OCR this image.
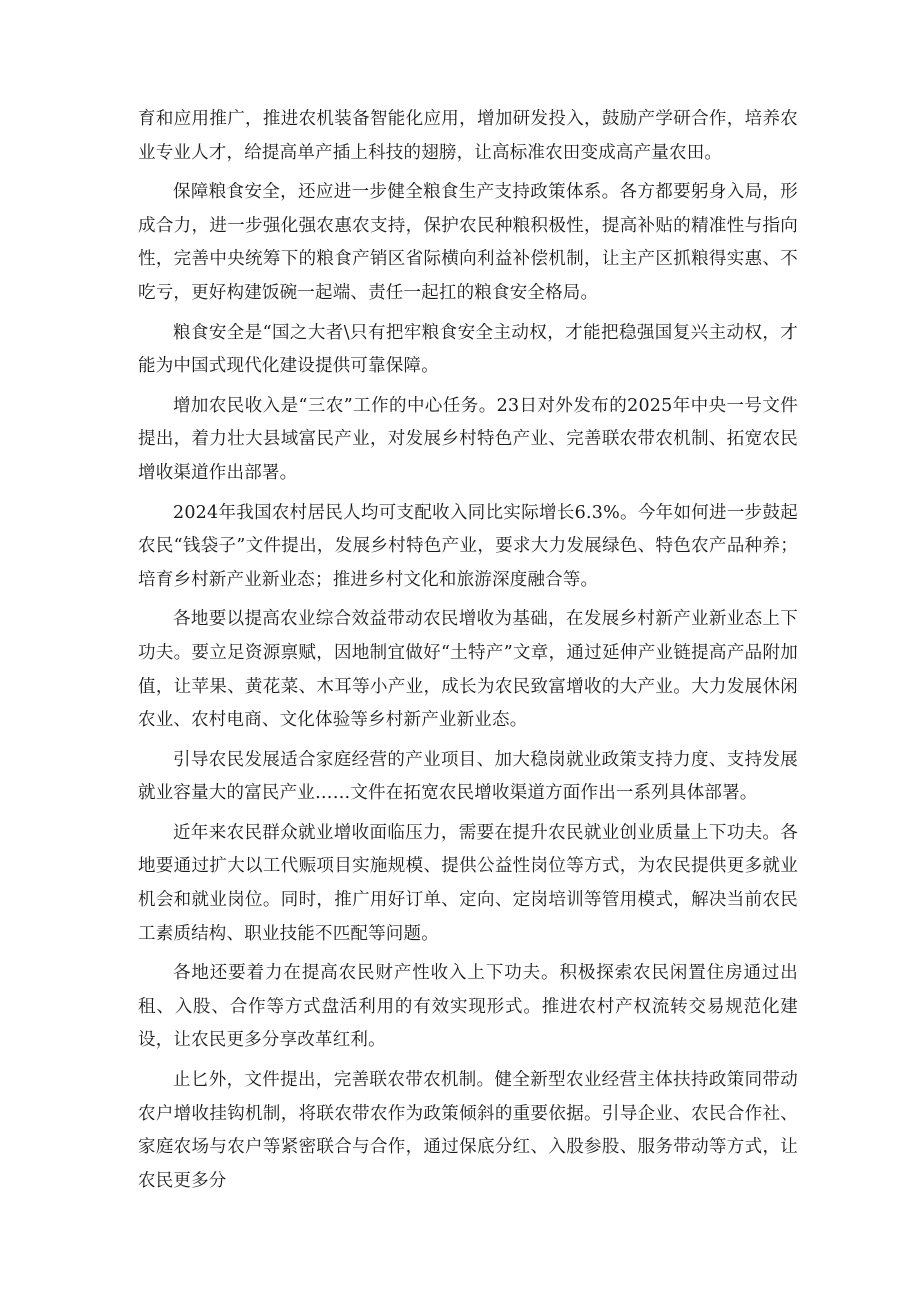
育和应用推广，推进农机装备智能化应用，增加研发投入，鼓励产学研合作，培养农业专业人才，给提高单产插上科技的翅膀，让高标准农田变成高产量农田。

保障粮食安全，还应进一步健全粮食生产支持政策体系。各方都要躬身入局，形成合力，进一步强化强农惠农支持，保护农民种粮积极性，提高补贴的精准性与指向性，完善中央统筹下的粮食产销区省际横向利益补偿机制，让主产区抓粮得实惠、不吃亏，更好构建饭碗一起端、责任一起扛的粮食安全格局。

粮食安全是“国之大者\只有把牢粮食安全主动权，才能把稳强国复兴主动权，才能为中国式现代化建设提供可靠保障。

增加农民收入是“三农”工作的中心任务。23日对外发布的2025年中央一号文件提出，着力壮大县域富民产业，对发展乡村特色产业、完善联农带农机制、拓宽农民增收渠道作出部署。

2024年我国农村居民人均可支配收入同比实际增长6.3%。今年如何进一步鼓起农民“钱袋子”文件提出，发展乡村特色产业，要求大力发展绿色、特色农产品种养；培育乡村新产业新业态；推进乡村文化和旅游深度融合等。

各地要以提高农业综合效益带动农民增收为基础，在发展乡村新产业新业态上下功夫。要立足资源禀赋，因地制宜做好“土特产”文章，通过延伸产业链提高产品附加值，让苹果、黄花菜、木耳等小产业，成长为农民致富增收的大产业。大力发展休闲农业、农村电商、文化体验等乡村新产业新业态。

引导农民发展适合家庭经营的产业项目、加大稳岗就业政策支持力度、支持发展就业容量大的富民产业……文件在拓宽农民增收渠道方面作出一系列具体部署。

近年来农民群众就业增收面临压力，需要在提升农民就业创业质量上下功夫。各地要通过扩大以工代赈项目实施规模、提供公益性岗位等方式，为农民提供更多就业机会和就业岗位。同时，推广用好订单、定向、定岗培训等管用模式，解决当前农民工素质结构、职业技能不匹配等问题。

各地还要着力在提高农民财产性收入上下功夫。积极探索农民闲置住房通过出租、入股、合作等方式盘活利用的有效实现形式。推进农村产权流转交易规范化建设，让农民更多分享改革红利。

止匕外，文件提出，完善联农带农机制。健全新型农业经营主体扶持政策同带动农户增收挂钩机制，将联农带农作为政策倾斜的重要依据。引导企业、农民合作社、家庭农场与农户等紧密联合与合作，通过保底分红、入股参股、服务带动等方式，让农民更多分
